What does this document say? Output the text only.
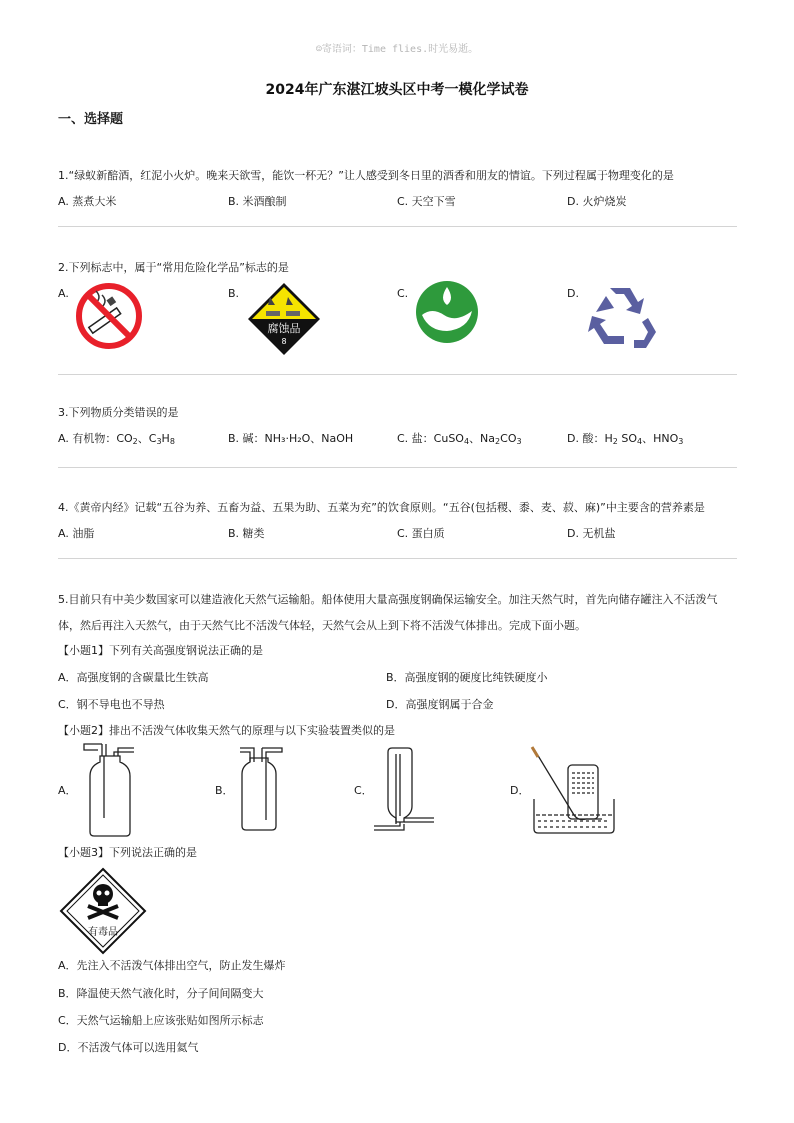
☺寄语词：Time flies.时光易逝。
2024年广东湛江坡头区中考一模化学试卷
一、选择题
1.“绿蚁新醅酒，红泥小火炉。晚来天欲雪，能饮一杯无？”让人感受到冬日里的酒香和朋友的情谊。下列过程属于物理变化的是
A. 蒸煮大米	B. 米酒酿制	C. 天空下雪	D. 火炉烧炭
2.下列标志中，属于“常用危险化学品”标志的是
A.	B.	C.	D.
腐蚀品
8
3.下列物质分类错误的是
A. 有机物：$CO_2$、$C_3H_8$	B. 碱：NH₃·H₂O、NaOH	C. 盐：CuSO$_4$、$Na_2CO_3$	D. 酸：$H_2$ $SO_4$、$HNO_3$
4.《黄帝内经》记载“五谷为养、五畜为益、五果为助、五菜为充”的饮食原则。“五谷(包括稷、黍、麦、菽、麻)”中主要含的营养素是
A. 油脂	B. 糖类	C. 蛋白质	D. 无机盐
5.目前只有中美少数国家可以建造液化天然气运输船。船体使用大量高强度钢确保运输安全。加注天然气时，首先向储存罐注入不活泼气
体，然后再注入天然气，由于天然气比不活泼气体轻，天然气会从上到下将不活泼气体排出。完成下面小题。
【小题1】下列有关高强度钢说法正确的是
A．高强度钢的含碳量比生铁高	B．高强度钢的硬度比纯铁硬度小
C．钢不导电也不导热	D．高强度钢属于合金
【小题2】排出不活泼气体收集天然气的原理与以下实验装置类似的是
A．	B．	C．	D．
【小题3】下列说法正确的是
有毒品
A．先注入不活泼气体排出空气，防止发生爆炸
B．降温使天然气液化时，分子间间隔变大
C．天然气运输船上应该张贴如图所示标志
D．不活泼气体可以选用氦气
